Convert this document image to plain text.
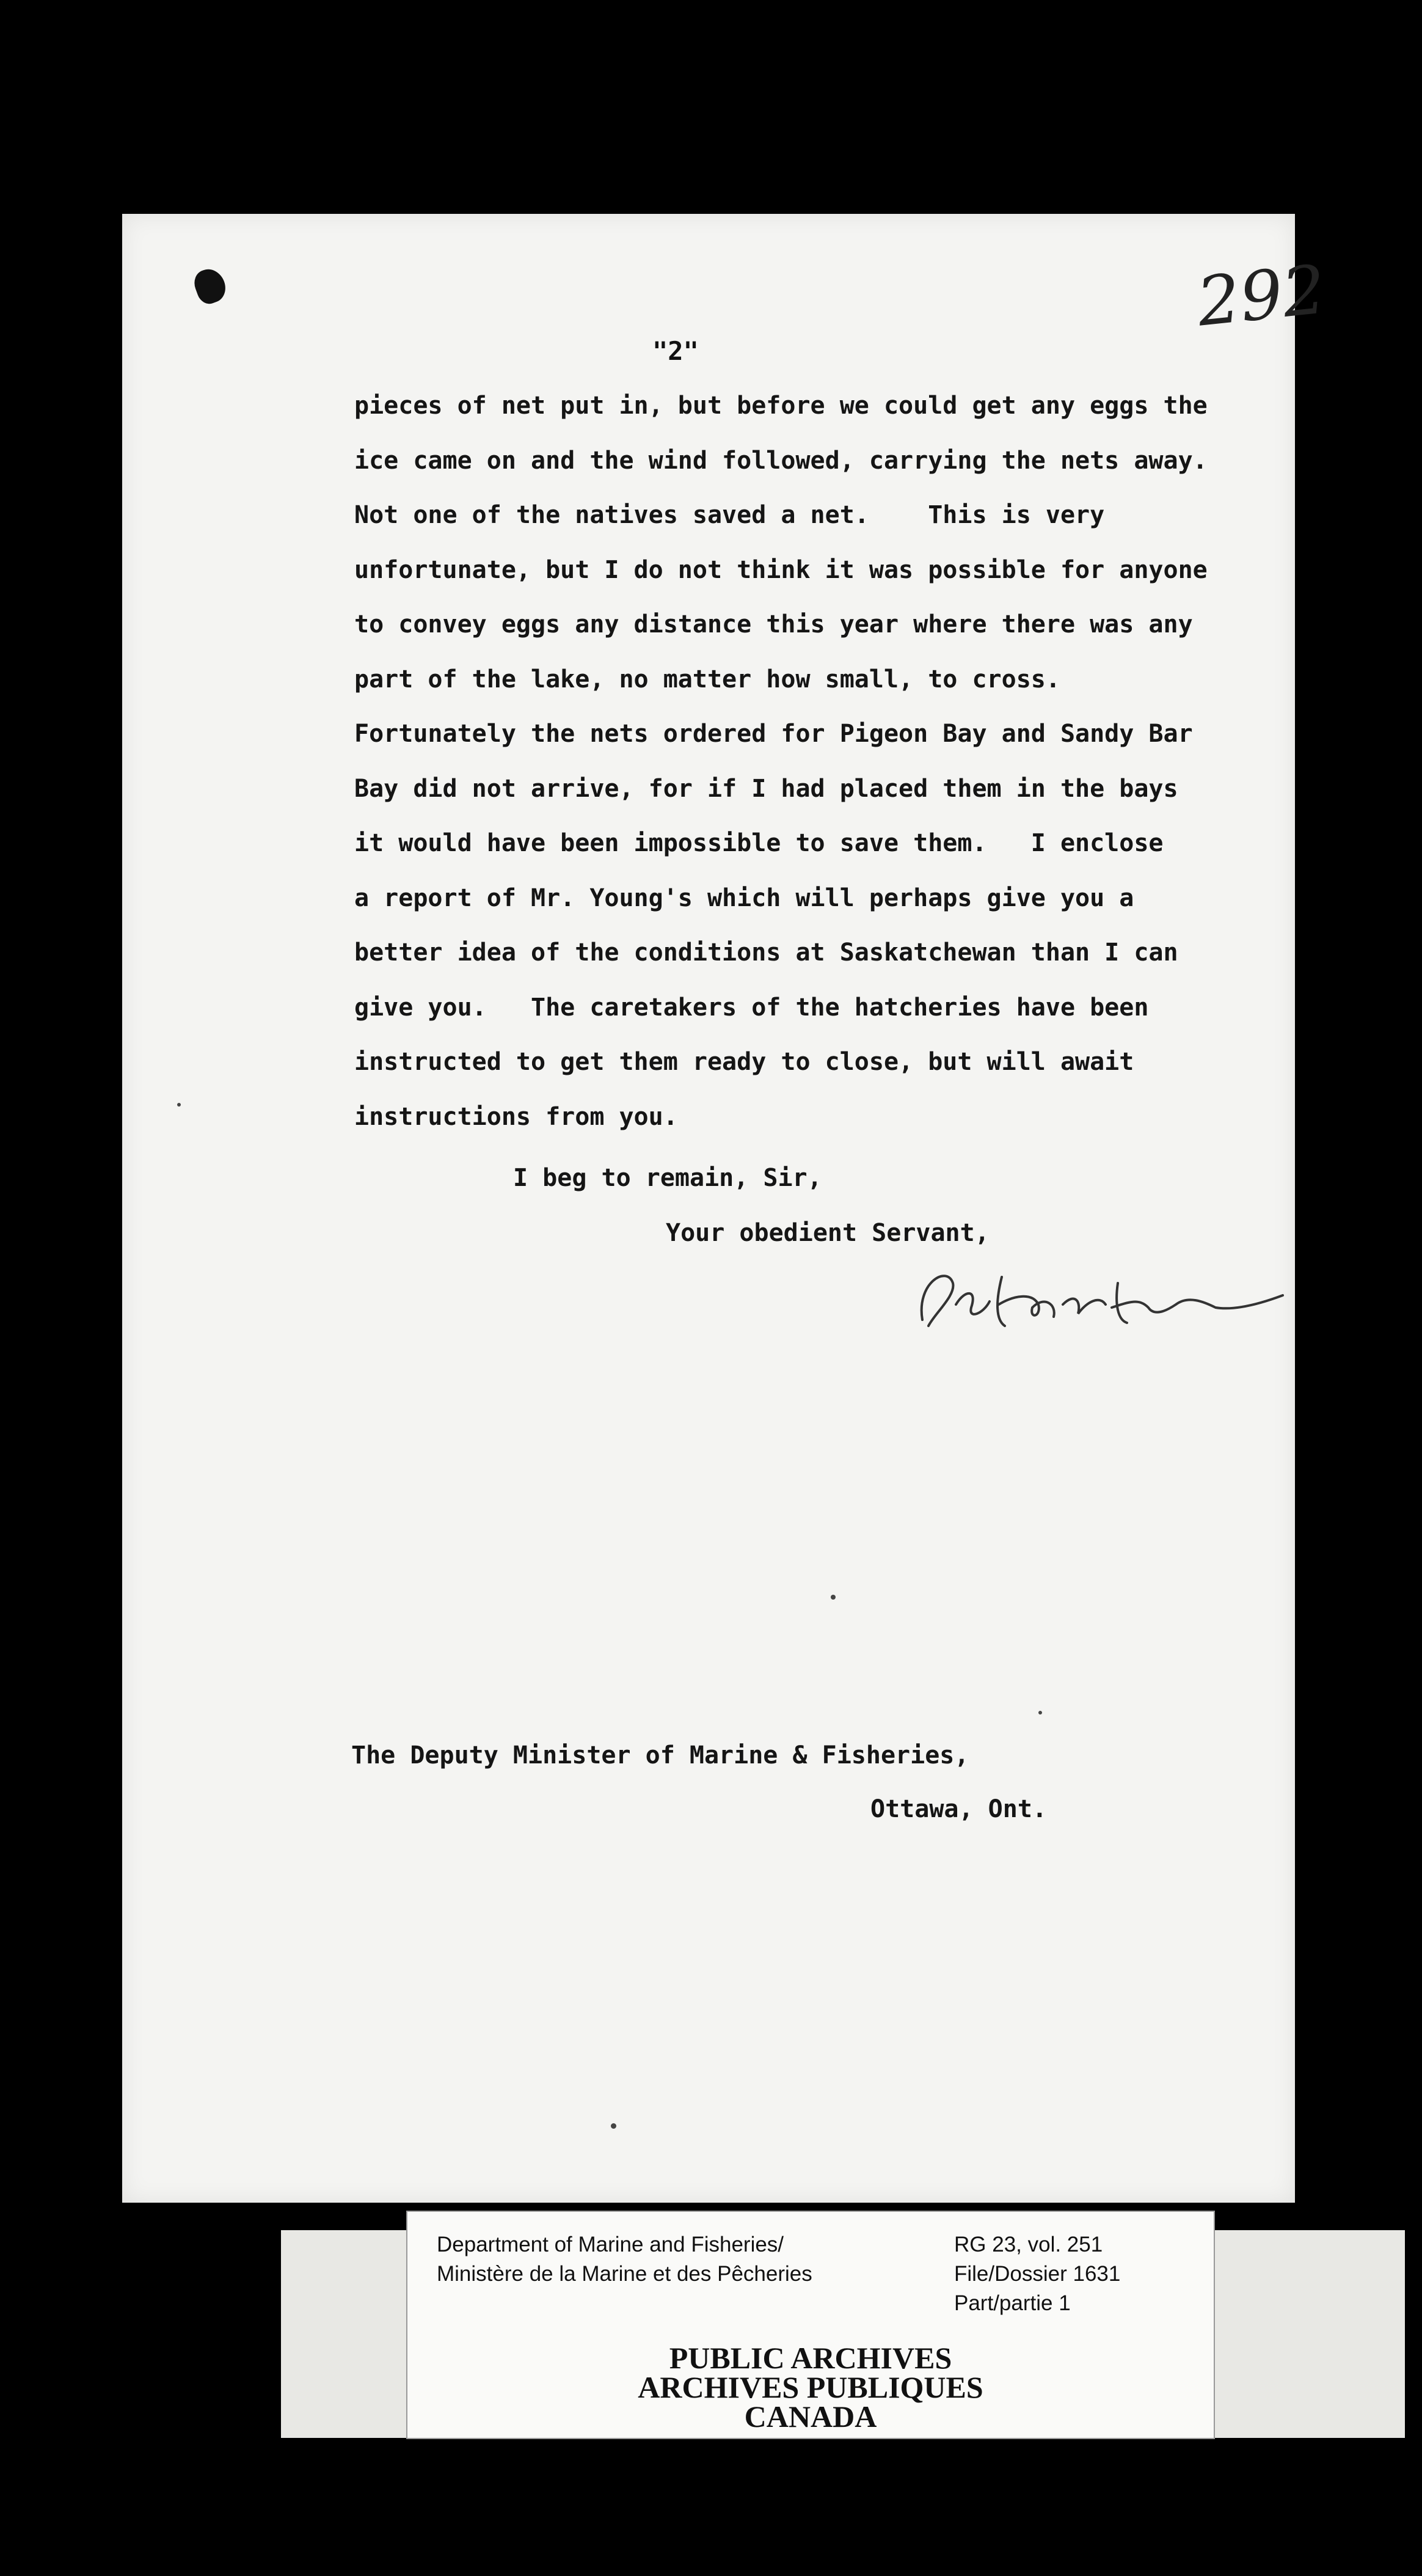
292
"2"
pieces of net put in, but before we could get any eggs the
ice came on and the wind followed, carrying the nets away.
Not one of the natives saved a net.    This is very
unfortunate, but I do not think it was possible for anyone
to convey eggs any distance this year where there was any
part of the lake, no matter how small, to cross.
Fortunately the nets ordered for Pigeon Bay and Sandy Bar
Bay did not arrive, for if I had placed them in the bays
it would have been impossible to save them.   I enclose
a report of Mr. Young's which will perhaps give you a
better idea of the conditions at Saskatchewan than I can
give you.   The caretakers of the hatcheries have been
instructed to get them ready to close, but will await
instructions from you.
I beg to remain, Sir,
Your obedient Servant,
The Deputy Minister of Marine & Fisheries,
Ottawa, Ont.
Department of Marine and Fisheries/
Ministère de la Marine et des Pêcheries
RG 23, vol. 251
File/Dossier 1631
Part/partie 1
PUBLIC ARCHIVES
ARCHIVES PUBLIQUES
CANADA
